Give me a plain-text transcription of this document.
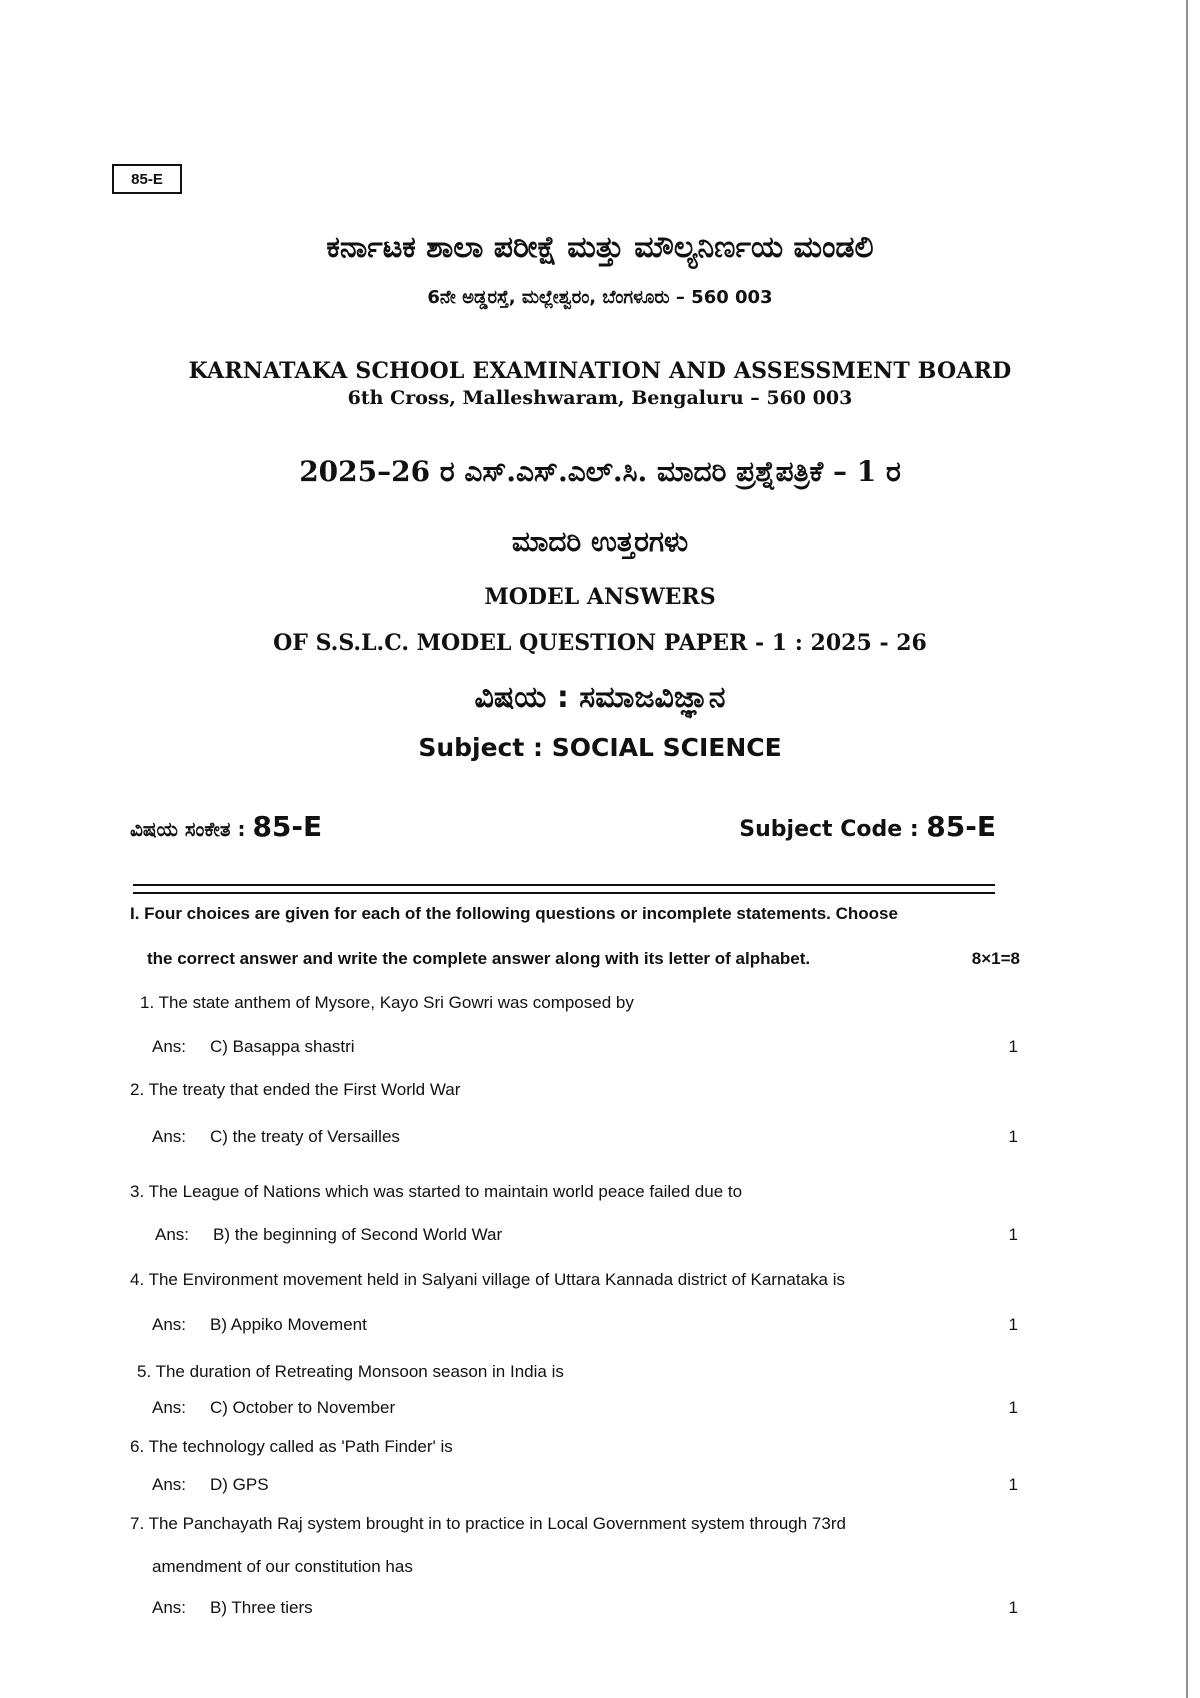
85-E
ಕರ್ನಾಟಕ ಶಾಲಾ ಪರೀಕ್ಷೆ ಮತ್ತು ಮೌಲ್ಯನಿರ್ಣಯ ಮಂಡಲಿ
6ನೇ ಅಡ್ಡರಸ್ತೆ, ಮಲ್ಲೇಶ್ವರಂ, ಬೆಂಗಳೂರು – 560 003
KARNATAKA SCHOOL EXAMINATION AND ASSESSMENT BOARD
6th Cross, Malleshwaram, Bengaluru – 560 003
2025–26 ರ ಎಸ್.ಎಸ್.ಎಲ್.ಸಿ. ಮಾದರಿ ಪ್ರಶ್ನೆಪತ್ರಿಕೆ – 1 ರ
ಮಾದರಿ ಉತ್ತರಗಳು
MODEL ANSWERS
OF S.S.L.C. MODEL QUESTION PAPER - 1 : 2025 - 26
ವಿಷಯ : ಸಮಾಜವಿಜ್ಞಾನ
Subject : SOCIAL SCIENCE
ವಿಷಯ ಸಂಕೇತ : 85-E	Subject Code : 85-E
I. Four choices are given for each of the following questions or incomplete statements. Choose
the correct answer and write the complete answer along with its letter of alphabet.	8×1=8
1. The state anthem of Mysore, Kayo Sri Gowri was composed by
Ans: C) Basappa shastri	1
2. The treaty that ended the First World War
Ans: C) the treaty of Versailles	1
3. The League of Nations which was started to maintain world peace failed due to
Ans: B) the beginning of Second World War	1
4. The Environment movement held in Salyani village of Uttara Kannada district of Karnataka is
Ans: B) Appiko Movement	1
5. The duration of Retreating Monsoon season in India is
Ans: C) October to November	1
6. The technology called as 'Path Finder' is
Ans: D) GPS	1
7. The Panchayath Raj system brought in to practice in Local Government system through 73rd
amendment of our constitution has
Ans: B) Three tiers	1
